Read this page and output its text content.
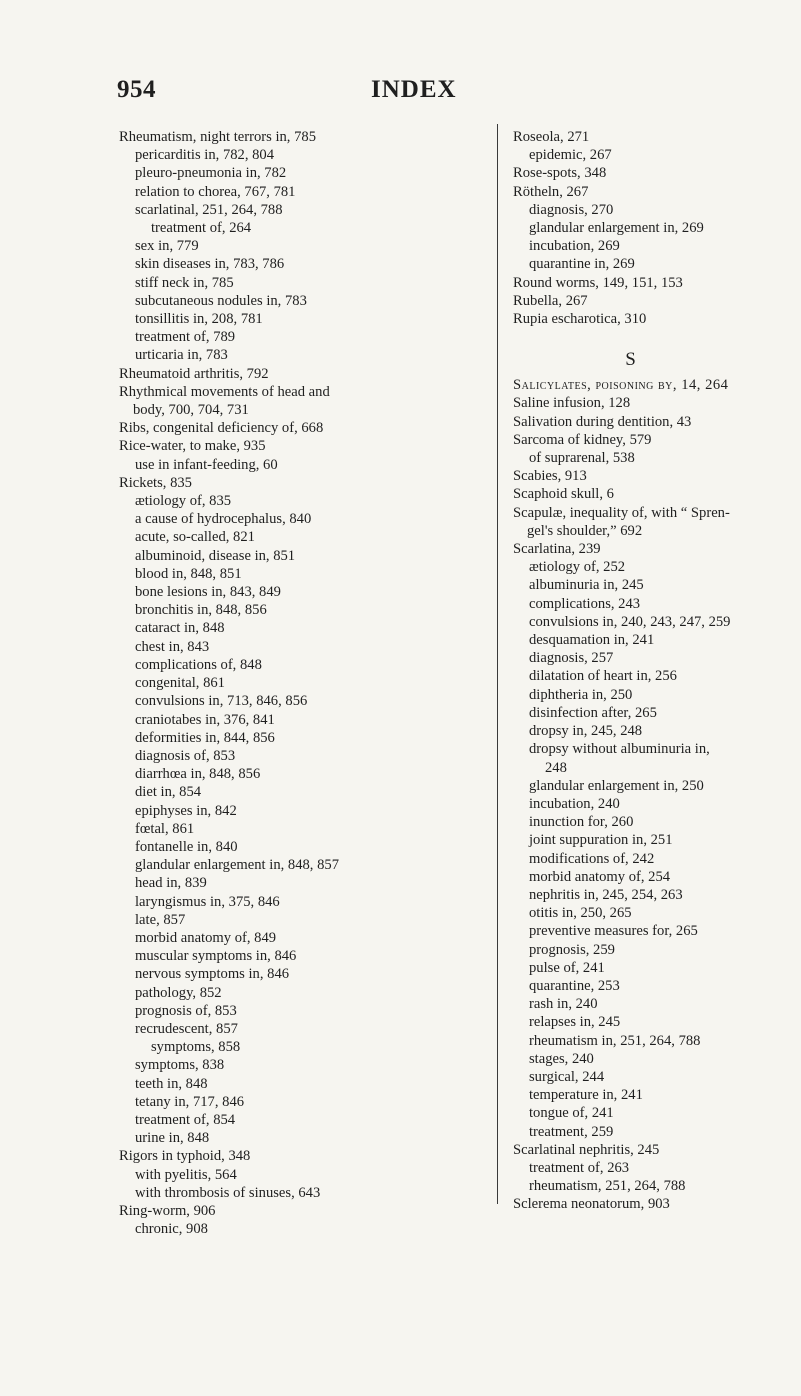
954	INDEX
Rheumatism, night terrors in, 785
pericarditis in, 782, 804
pleuro-pneumonia in, 782
relation to chorea, 767, 781
scarlatinal, 251, 264, 788
treatment of, 264
sex in, 779
skin diseases in, 783, 786
stiff neck in, 785
subcutaneous nodules in, 783
tonsillitis in, 208, 781
treatment of, 789
urticaria in, 783
Rheumatoid arthritis, 792
Rhythmical movements of head and
body, 700, 704, 731
Ribs, congenital deficiency of, 668
Rice-water, to make, 935
use in infant-feeding, 60
Rickets, 835
ætiology of, 835
a cause of hydrocephalus, 840
acute, so-called, 821
albuminoid, disease in, 851
blood in, 848, 851
bone lesions in, 843, 849
bronchitis in, 848, 856
cataract in, 848
chest in, 843
complications of, 848
congenital, 861
convulsions in, 713, 846, 856
craniotabes in, 376, 841
deformities in, 844, 856
diagnosis of, 853
diarrhœa in, 848, 856
diet in, 854
epiphyses in, 842
fœtal, 861
fontanelle in, 840
glandular enlargement in, 848, 857
head in, 839
laryngismus in, 375, 846
late, 857
morbid anatomy of, 849
muscular symptoms in, 846
nervous symptoms in, 846
pathology, 852
prognosis of, 853
recrudescent, 857
symptoms, 858
symptoms, 838
teeth in, 848
tetany in, 717, 846
treatment of, 854
urine in, 848
Rigors in typhoid, 348
with pyelitis, 564
with thrombosis of sinuses, 643
Ring-worm, 906
chronic, 908
Roseola, 271
epidemic, 267
Rose-spots, 348
Rötheln, 267
diagnosis, 270
glandular enlargement in, 269
incubation, 269
quarantine in, 269
Round worms, 149, 151, 153
Rubella, 267
Rupia escharotica, 310
S
Salicylates, poisoning by, 14, 264
Saline infusion, 128
Salivation during dentition, 43
Sarcoma of kidney, 579
of suprarenal, 538
Scabies, 913
Scaphoid skull, 6
Scapulæ, inequality of, with “ Spren-
gel's shoulder,” 692
Scarlatina, 239
ætiology of, 252
albuminuria in, 245
complications, 243
convulsions in, 240, 243, 247, 259
desquamation in, 241
diagnosis, 257
dilatation of heart in, 256
diphtheria in, 250
disinfection after, 265
dropsy in, 245, 248
dropsy without albuminuria in,
248
glandular enlargement in, 250
incubation, 240
inunction for, 260
joint suppuration in, 251
modifications of, 242
morbid anatomy of, 254
nephritis in, 245, 254, 263
otitis in, 250, 265
preventive measures for, 265
prognosis, 259
pulse of, 241
quarantine, 253
rash in, 240
relapses in, 245
rheumatism in, 251, 264, 788
stages, 240
surgical, 244
temperature in, 241
tongue of, 241
treatment, 259
Scarlatinal nephritis, 245
treatment of, 263
rheumatism, 251, 264, 788
Sclerema neonatorum, 903
